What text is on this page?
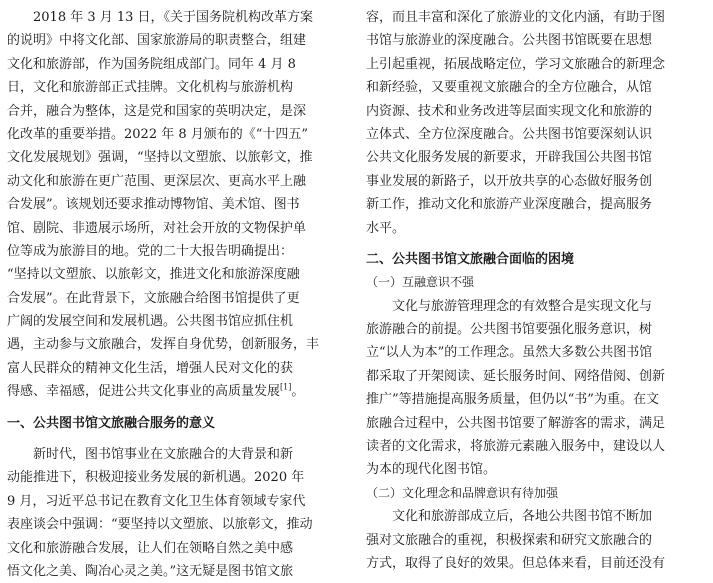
　　2018 年 3 月 13 日，《关于国务院机构改革方案
的说明》中将文化部、国家旅游局的职责整合，组建
文化和旅游部，作为国务院组成部门。同年 4 月 8
日，文化和旅游部正式挂牌。文化机构与旅游机构
合并，融合为整体，这是党和国家的英明决定，是深
化改革的重要举措。2022 年 8 月颁布的《“十四五”
文化发展规划》强调，“坚持以文塑旅、以旅彰文，推
动文化和旅游在更广范围、更深层次、更高水平上融
合发展”。该规划还要求推动博物馆、美术馆、图书
馆、剧院、非遗展示场所，对社会开放的文物保护单
位等成为旅游目的地。党的二十大报告明确提出：
“坚持以文塑旅、以旅彰文，推进文化和旅游深度融
合发展”。在此背景下，文旅融合给图书馆提供了更
广阔的发展空间和发展机遇。公共图书馆应抓住机
遇，主动参与文旅融合，发挥自身优势，创新服务，丰
富人民群众的精神文化生活，增强人民对文化的获
得感、幸福感，促进公共文化事业的高质量发展[1]。
一、公共图书馆文旅融合服务的意义
　　新时代，图书馆事业在文旅融合的大背景和新
动能推进下，积极迎接业务发展的新机遇。2020 年
9 月，习近平总书记在教育文化卫生体育领域专家代
表座谈会中强调：“要坚持以文塑旅、以旅彰文，推动
文化和旅游融合发展，让人们在领略自然之美中感
悟文化之美、陶冶心灵之美。”这无疑是图书馆文旅
容，而且丰富和深化了旅游业的文化内涵，有助于图
书馆与旅游业的深度融合。公共图书馆既要在思想
上引起重视，拓展战略定位，学习文旅融合的新理念
和新经验，又要重视文旅融合的全方位融合，从馆
内资源、技术和业务改进等层面实现文化和旅游的
立体式、全方位深度融合。公共图书馆要深刻认识
公共文化服务发展的新要求，开辟我国公共图书馆
事业发展的新路子，以开放共享的心态做好服务创
新工作，推动文化和旅游产业深度融合，提高服务
水平。
二、公共图书馆文旅融合面临的困境
（一）互融意识不强
　　文化与旅游管理理念的有效整合是实现文化与
旅游融合的前提。公共图书馆要强化服务意识，树
立“以人为本”的工作理念。虽然大多数公共图书馆
都采取了开架阅读、延长服务时间、网络借阅、创新
推广”等措施提高服务质量，但仍以“书”为重。在文
旅融合过程中，公共图书馆要了解游客的需求，满足
读者的文化需求，将旅游元素融入服务中，建设以人
为本的现代化图书馆。
（二）文化理念和品牌意识有待加强
　　文化和旅游部成立后，各地公共图书馆不断加
强对文旅融合的重视，积极探索和研究文旅融合的
方式，取得了良好的效果。但总体来看，目前还没有
